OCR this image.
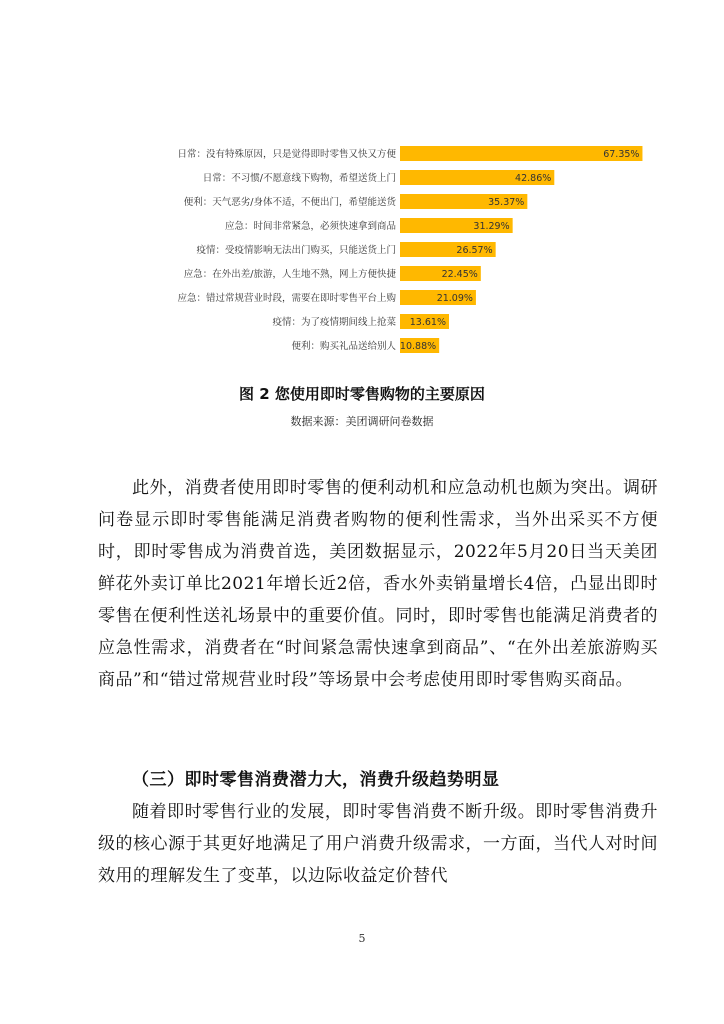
日常：没有特殊原因，只是觉得即时零售又快又方便	67.35%
日常：不习惯/不愿意线下购物，希望送货上门	42.86%
便利：天气恶劣/身体不适，不便出门，希望能送货	35.37%
应急：时间非常紧急，必须快速拿到商品	31.29%
疫情：受疫情影响无法出门购买，只能送货上门	26.57%
应急：在外出差/旅游，人生地不熟，网上方便快捷	22.45%
应急：错过常规营业时段，需要在即时零售平台上购	21.09%
疫情：为了疫情期间线上抢菜 13.61%
便利：购买礼品送给别人 10.88%
图 2 您使用即时零售购物的主要原因
数据来源：美团调研问卷数据

此外，消费者使用即时零售的便利动机和应急动机也颇为突出。调研问卷显示即时零售能满足消费者购物的便利性需求，当外出采买不方便时，即时零售成为消费首选，美团数据显示，2022年5月20日当天美团鲜花外卖订单比2021年增长近2倍，香水外卖销量增长4倍，凸显出即时零售在便利性送礼场景中的重要价值。同时，即时零售也能满足消费者的应急性需求，消费者在“时间紧急需快速拿到商品”、“在外出差旅游购买商品”和“错过常规营业时段”等场景中会考虑使用即时零售购买商品。

（三）即时零售消费潜力大，消费升级趋势明显

随着即时零售行业的发展，即时零售消费不断升级。即时零售消费升级的核心源于其更好地满足了用户消费升级需求，一方面，当代人对时间效用的理解发生了变革，以边际收益定价替代

5
